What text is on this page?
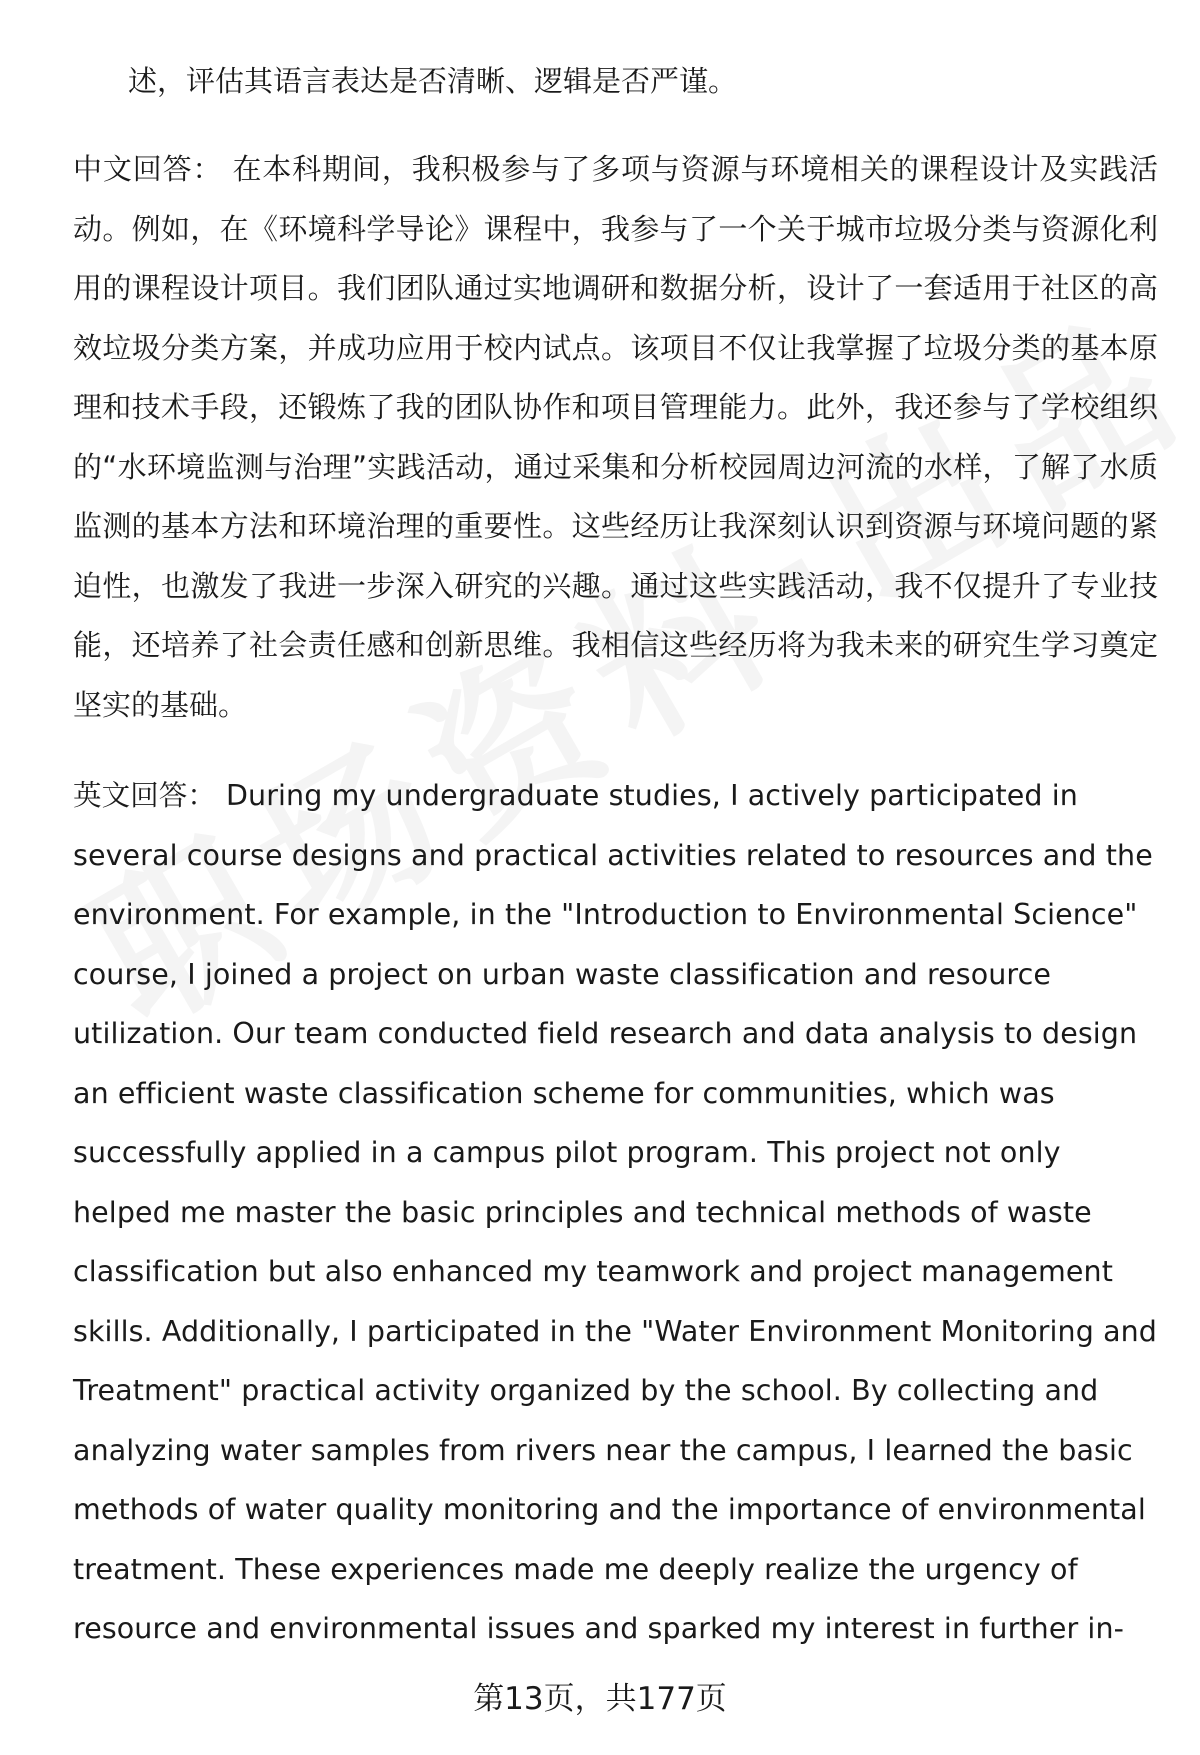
述，评估其语言表达是否清晰、逻辑是否严谨。

中文回答： 在本科期间，我积极参与了多项与资源与环境相关的课程设计及实践活动。例如，在《环境科学导论》课程中，我参与了一个关于城市垃圾分类与资源化利用的课程设计项目。我们团队通过实地调研和数据分析，设计了一套适用于社区的高效垃圾分类方案，并成功应用于校内试点。该项目不仅让我掌握了垃圾分类的基本原理和技术手段，还锻炼了我的团队协作和项目管理能力。此外，我还参与了学校组织的“水环境监测与治理”实践活动，通过采集和分析校园周边河流的水样，了解了水质监测的基本方法和环境治理的重要性。这些经历让我深刻认识到资源与环境问题的紧迫性，也激发了我进一步深入研究的兴趣。通过这些实践活动，我不仅提升了专业技能，还培养了社会责任感和创新思维。我相信这些经历将为我未来的研究生学习奠定坚实的基础。

英文回答： During my undergraduate studies, I actively participated in several course designs and practical activities related to resources and the environment. For example, in the "Introduction to Environmental Science" course, I joined a project on urban waste classification and resource utilization. Our team conducted field research and data analysis to design an efficient waste classification scheme for communities, which was successfully applied in a campus pilot program. This project not only helped me master the basic principles and technical methods of waste classification but also enhanced my teamwork and project management skills. Additionally, I participated in the "Water Environment Monitoring and Treatment" practical activity organized by the school. By collecting and analyzing water samples from rivers near the campus, I learned the basic methods of water quality monitoring and the importance of environmental treatment. These experiences made me deeply realize the urgency of resource and environmental issues and sparked my interest in further in-

第13页，共177页
